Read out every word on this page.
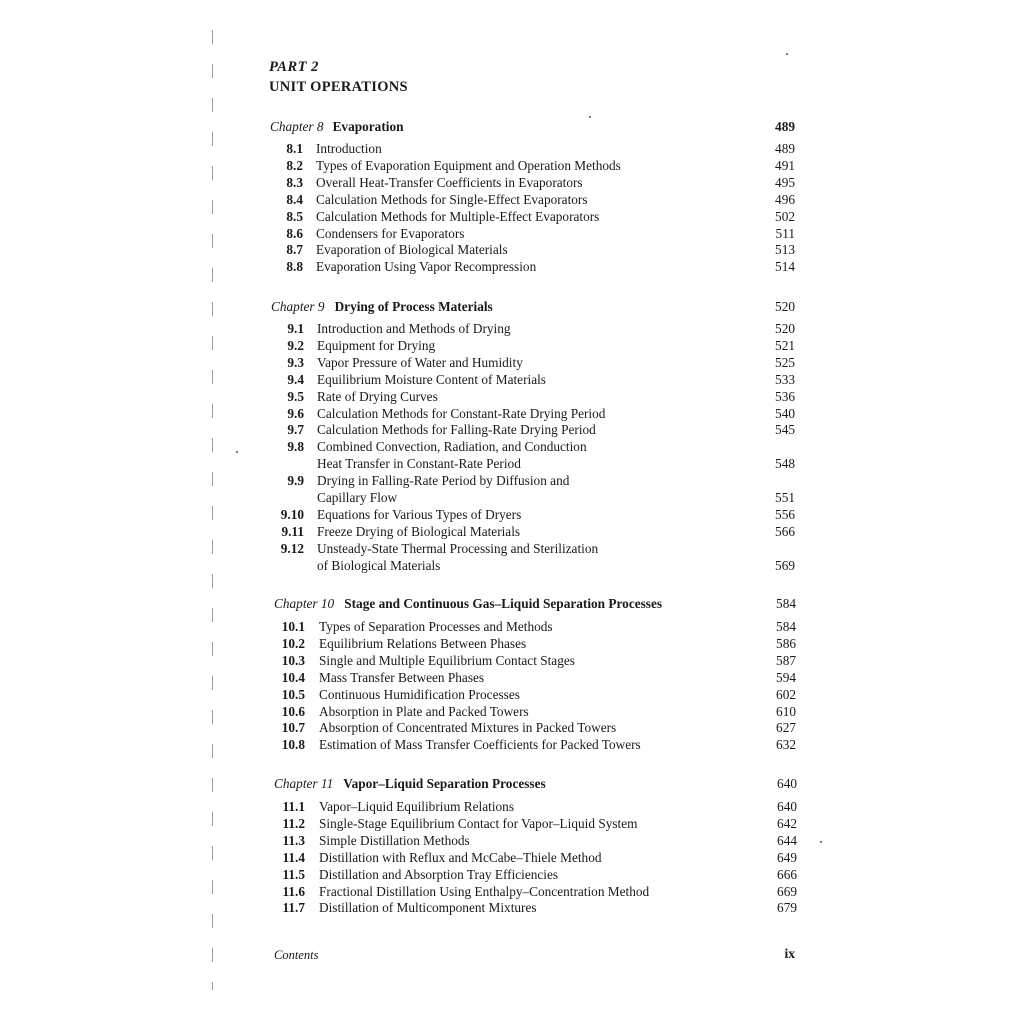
PART 2
UNIT OPERATIONS
Chapter 8 Evaporation	489
8.1 Introduction	489
8.2 Types of Evaporation Equipment and Operation Methods	491
8.3 Overall Heat-Transfer Coefficients in Evaporators	495
8.4 Calculation Methods for Single-Effect Evaporators	496
8.5 Calculation Methods for Multiple-Effect Evaporators	502
8.6 Condensers for Evaporators	511
8.7 Evaporation of Biological Materials	513
8.8 Evaporation Using Vapor Recompression	514
Chapter 9 Drying of Process Materials	520
9.1 Introduction and Methods of Drying	520
9.2 Equipment for Drying	521
9.3 Vapor Pressure of Water and Humidity	525
9.4 Equilibrium Moisture Content of Materials	533
9.5 Rate of Drying Curves	536
9.6 Calculation Methods for Constant-Rate Drying Period	540
9.7 Calculation Methods for Falling-Rate Drying Period	545
9.8 Combined Convection, Radiation, and Conduction
Heat Transfer in Constant-Rate Period	548
9.9 Drying in Falling-Rate Period by Diffusion and
Capillary Flow	551
9.10 Equations for Various Types of Dryers	556
9.11 Freeze Drying of Biological Materials	566
9.12 Unsteady-State Thermal Processing and Sterilization
of Biological Materials	569
Chapter 10 Stage and Continuous Gas–Liquid Separation Processes	584
10.1 Types of Separation Processes and Methods	584
10.2 Equilibrium Relations Between Phases	586
10.3 Single and Multiple Equilibrium Contact Stages	587
10.4 Mass Transfer Between Phases	594
10.5 Continuous Humidification Processes	602
10.6 Absorption in Plate and Packed Towers	610
10.7 Absorption of Concentrated Mixtures in Packed Towers	627
10.8 Estimation of Mass Transfer Coefficients for Packed Towers	632
Chapter 11 Vapor–Liquid Separation Processes	640
11.1 Vapor–Liquid Equilibrium Relations	640
11.2 Single-Stage Equilibrium Contact for Vapor–Liquid System	642
11.3 Simple Distillation Methods	644
11.4 Distillation with Reflux and McCabe–Thiele Method	649
11.5 Distillation and Absorption Tray Efficiencies	666
11.6 Fractional Distillation Using Enthalpy–Concentration Method	669
11.7 Distillation of Multicomponent Mixtures	679
Contents	ix
